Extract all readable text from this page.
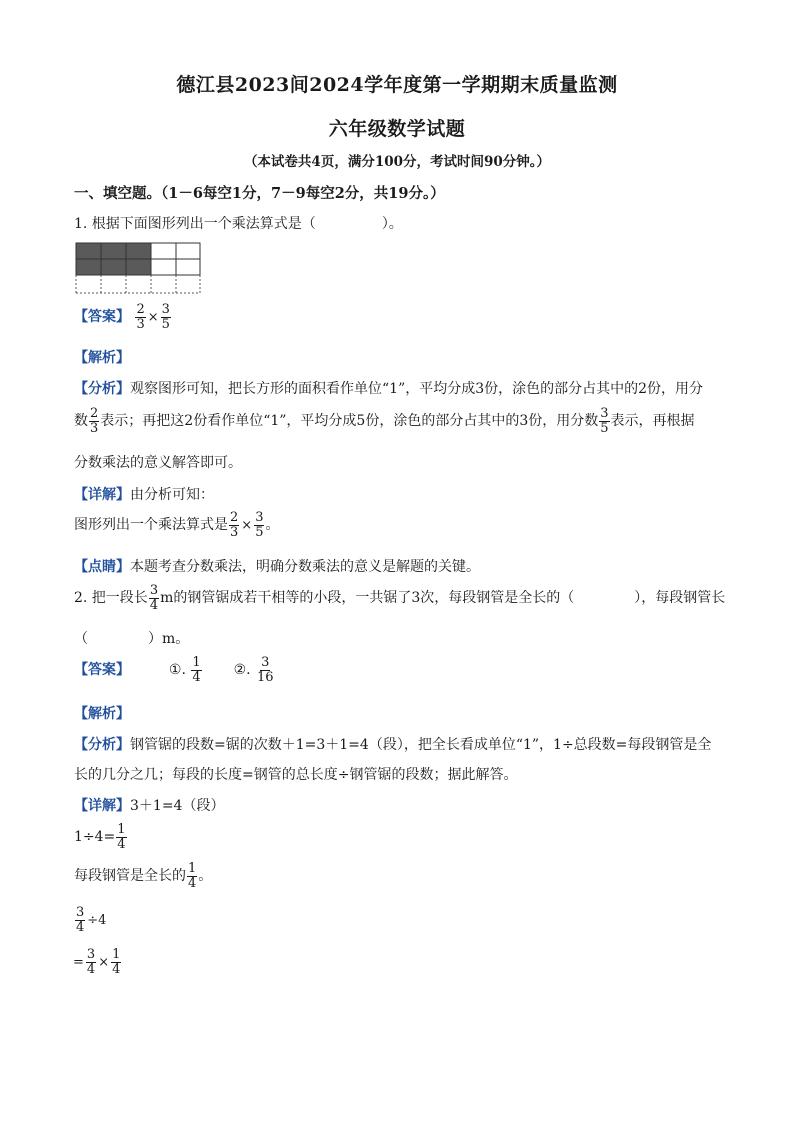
德江县2023间2024学年度第一学期期末质量监测
六年级数学试题
（本试卷共4页，满分100分，考试时间90分钟。）
一、填空题。（1－6每空1分，7－9每空2分，共19分。）
1. 根据下面图形列出一个乘法算式是（	）。
【答案】 $\frac{2}{3} \times \frac{3}{5}$
【解析】
【分析】观察图形可知，把长方形的面积看作单位“1”，平均分成3份，涂色的部分占其中的2份，用分
数 $\frac{2}{3}$ 表示；再把这2份看作单位“1”，平均分成5份，涂色的部分占其中的3份，用分数 $\frac{3}{5}$ 表示，再根据
分数乘法的意义解答即可。
【详解】由分析可知：
图形列出一个乘法算式是 $\frac{2}{3} \times \frac{3}{5}$ 。
【点睛】本题考查分数乘法，明确分数乘法的意义是解题的关键。
2. 把一段长 $\frac{3}{4}$ m的钢管锯成若干相等的小段，一共锯了3次，每段钢管是全长的（	），每段钢管长
（	）m。
【答案】	①. $\frac{1}{4}$ ②. $\frac{3}{16}$
【解析】
【分析】钢管锯的段数=锯的次数＋1=3＋1=4（段），把全长看成单位“1”，1÷总段数=每段钢管是全
长的几分之几；每段的长度=钢管的总长度÷钢管锯的段数；据此解答。
【详解】3＋1=4（段）
$1\div 4= \frac{1}{4}$
每段钢管是全长的 $\frac{1}{4}$ 。
$\frac{3}{4} \div 4$
= $\frac{3}{4} \times \frac{1}{4}$
